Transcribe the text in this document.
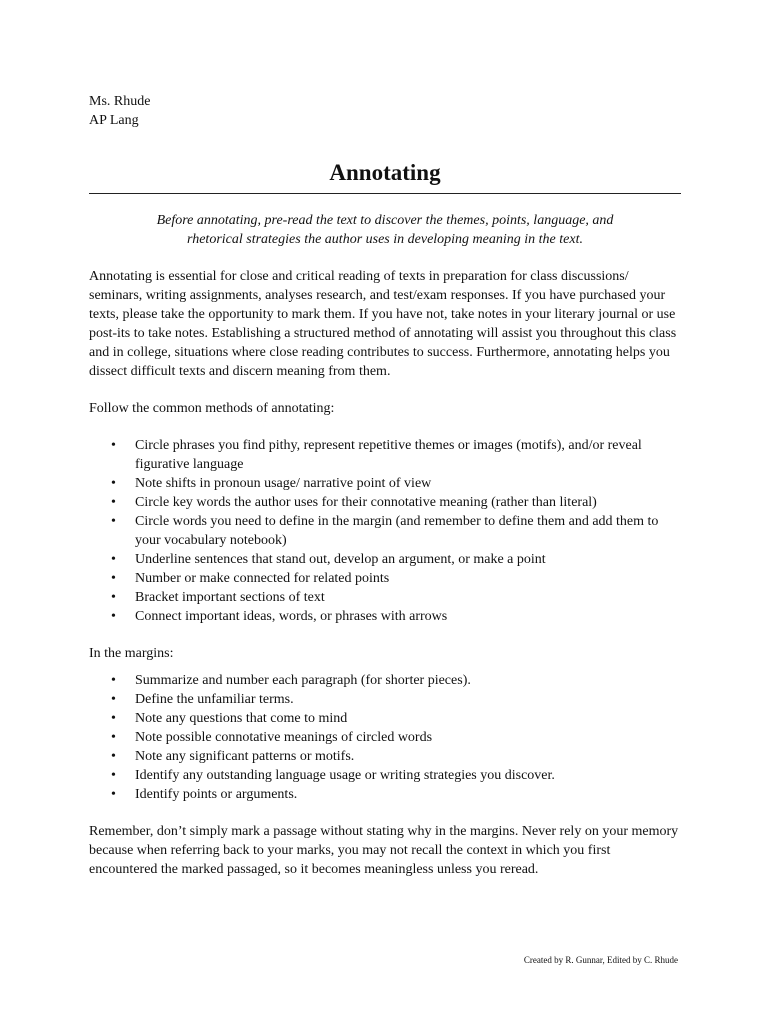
Ms. Rhude

AP Lang

Annotating

Before annotating, pre-read the text to discover the themes, points, language, and rhetorical strategies the author uses in developing meaning in the text.

Annotating is essential for close and critical reading of texts in preparation for class discussions/ seminars, writing assignments, analyses research, and test/exam responses. If you have purchased your texts, please take the opportunity to mark them. If you have not, take notes in your literary journal or use post-its to take notes. Establishing a structured method of annotating will assist you throughout this class and in college, situations where close reading contributes to success. Furthermore, annotating helps you dissect difficult texts and discern meaning from them.

Follow the common methods of annotating:

• Circle phrases you find pithy, represent repetitive themes or images (motifs), and/or reveal figurative language
• Note shifts in pronoun usage/ narrative point of view
• Circle key words the author uses for their connotative meaning (rather than literal)
• Circle words you need to define in the margin (and remember to define them and add them to your vocabulary notebook)
• Underline sentences that stand out, develop an argument, or make a point
• Number or make connected for related points
• Bracket important sections of text
• Connect important ideas, words, or phrases with arrows

In the margins:

• Summarize and number each paragraph (for shorter pieces).
• Define the unfamiliar terms.
• Note any questions that come to mind
• Note possible connotative meanings of circled words
• Note any significant patterns or motifs.
• Identify any outstanding language usage or writing strategies you discover.
• Identify points or arguments.

Remember, don’t simply mark a passage without stating why in the margins. Never rely on your memory because when referring back to your marks, you may not recall the context in which you first encountered the marked passaged, so it becomes meaningless unless you reread.

Created by R. Gunnar, Edited by C. Rhude
